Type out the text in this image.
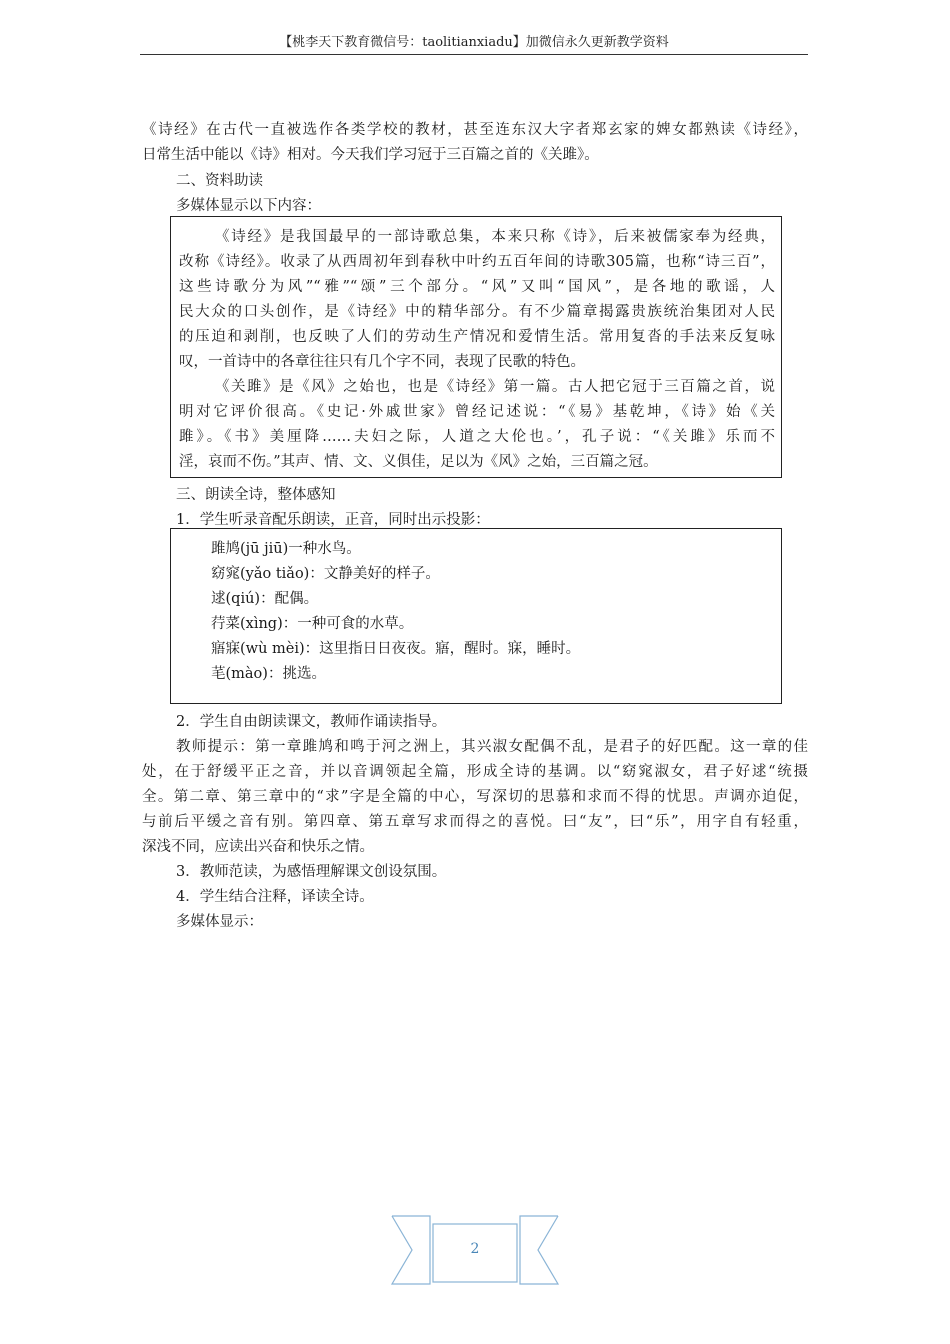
【桃李天下教育微信号：taolitianxiadu】加微信永久更新教学资料
《诗经》在古代一直被选作各类学校的教材，甚至连东汉大字者郑玄家的婢女都熟读《诗经》，
日常生活中能以《诗》相对。今天我们学习冠于三百篇之首的《关雎》。
二、资料助读
多媒体显示以下内容：
《诗经》是我国最早的一部诗歌总集，本来只称《诗》，后来被儒家奉为经典，
改称《诗经》。收录了从西周初年到春秋中叶约五百年间的诗歌305篇，也称“诗三百”，
这些诗歌分为风”“雅”“颂”三个部分。“风”又叫“国风”，是各地的歌谣，人
民大众的口头创作，是《诗经》中的精华部分。有不少篇章揭露贵族统治集团对人民
的压迫和剥削，也反映了人们的劳动生产情况和爱情生活。常用复沓的手法来反复咏
叹，一首诗中的各章往往只有几个字不同，表现了民歌的特色。
《关雎》是《风》之始也，也是《诗经》第一篇。古人把它冠于三百篇之首，说
明对它评价很高。《史记·外戚世家》曾经记述说：“《易》基乾坤，《诗》始《关
雎》。《书》美厘降……夫妇之际，人道之大伦也。’，孔子说：“《关雎》乐而不
淫，哀而不伤。”其声、情、文、义俱佳，足以为《风》之始，三百篇之冠。
三、朗读全诗，整体感知
1．学生听录音配乐朗读，正音，同时出示投影：
雎鸠(jū jiū)一种水鸟。
窈窕(yǎo tiǎo)：文静美好的样子。
逑(qiú)：配偶。
荇菜(xìng)：一种可食的水草。
寤寐(wù mèi)：这里指日日夜夜。寤，醒时。寐，睡时。
芼(mào)：挑选。
2．学生自由朗读课文，教师作诵读指导。
教师提示：第一章雎鸠和鸣于河之洲上，其兴淑女配偶不乱，是君子的好匹配。这一章的佳
处，在于舒缓平正之音，并以音调领起全篇，形成全诗的基调。以“窈窕淑女，君子好逑“统摄
全。第二章、第三章中的“求”字是全篇的中心，写深切的思慕和求而不得的忧思。声调亦迫促，
与前后平缓之音有别。第四章、第五章写求而得之的喜悦。曰“友”，曰“乐”，用字自有轻重，
深浅不同，应读出兴奋和快乐之情。
3．教师范读，为感悟理解课文创设氛围。
4．学生结合注释，译读全诗。
多媒体显示：
2
